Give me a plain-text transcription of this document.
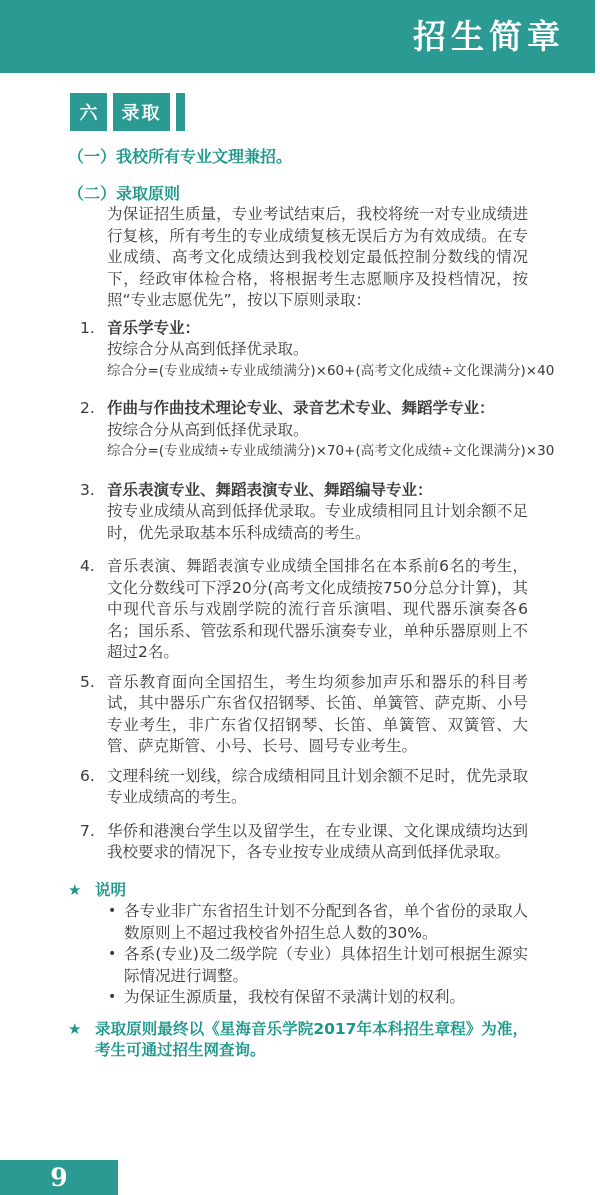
招生简章
六	录取

（一）我校所有专业文理兼招。

（二）录取原则

为保证招生质量，专业考试结束后，我校将统一对专业成绩进行复核，所有考生的专业成绩复核无误后方为有效成绩。在专业成绩、高考文化成绩达到我校划定最低控制分数线的情况下，经政审体检合格，将根据考生志愿顺序及投档情况，按照“专业志愿优先”，按以下原则录取：

1. 音乐学专业：

按综合分从高到低择优录取。

综合分=(专业成绩÷专业成绩满分)×60+(高考文化成绩÷文化课满分)×40

2. 作曲与作曲技术理论专业、录音艺术专业、舞蹈学专业：

按综合分从高到低择优录取。

综合分=(专业成绩÷专业成绩满分)×70+(高考文化成绩÷文化课满分)×30

3. 音乐表演专业、舞蹈表演专业、舞蹈编导专业：

按专业成绩从高到低择优录取。专业成绩相同且计划余额不足时，优先录取基本乐科成绩高的考生。

4. 音乐表演、舞蹈表演专业成绩全国排名在本系前6名的考生，文化分数线可下浮20分(高考文化成绩按750分总分计算)，其中现代音乐与戏剧学院的流行音乐演唱、现代器乐演奏各6名；国乐系、管弦系和现代器乐演奏专业，单种乐器原则上不超过2名。

5. 音乐教育面向全国招生，考生均须参加声乐和器乐的科目考试，其中器乐广东省仅招钢琴、长笛、单簧管、萨克斯、小号专业考生，非广东省仅招钢琴、长笛、单簧管、双簧管、大管、萨克斯管、小号、长号、圆号专业考生。

6. 文理科统一划线，综合成绩相同且计划余额不足时，优先录取专业成绩高的考生。

7. 华侨和港澳台学生以及留学生，在专业课、文化课成绩均达到我校要求的情况下，各专业按专业成绩从高到低择优录取。

★ 说明
• 各专业非广东省招生计划不分配到各省，单个省份的录取人数原则上不超过我校省外招生总人数的30%。

• 各系(专业)及二级学院（专业）具体招生计划可根据生源实际情况进行调整。

• 为保证生源质量，我校有保留不录满计划的权利。

★ 录取原则最终以《星海音乐学院2017年本科招生章程》为准，考生可通过招生网查询。

9
